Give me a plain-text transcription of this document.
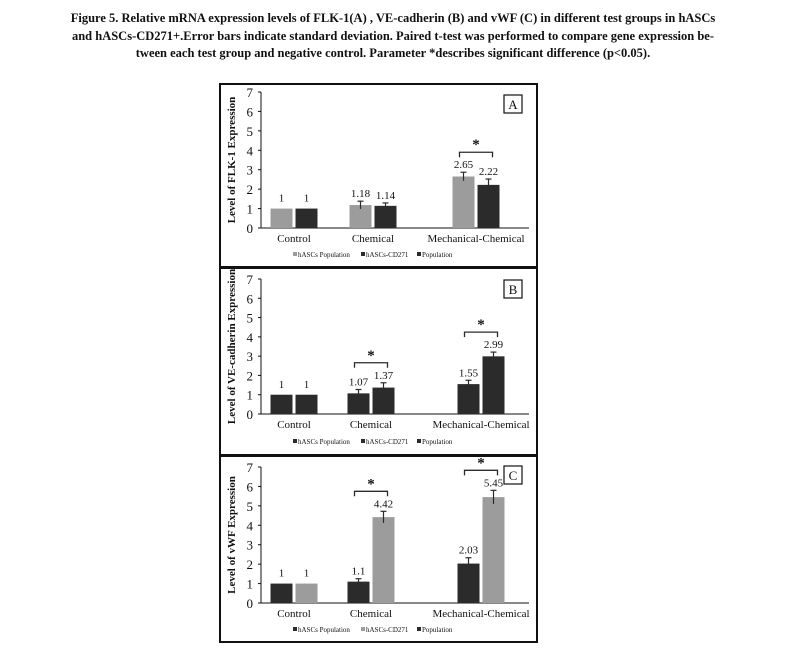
Figure 5. Relative mRNA expression levels of FLK-1(A) , VE-cadherin (B) and vWF (C) in different test groups in hASCs
and hASCs-CD271+.Error bars indicate standard deviation. Paired t-test was performed to compare gene expression be-
tween each test group and negative control. Parameter *describes significant difference (p<0.05).
0
1
2
3
4
5
6
7
Level of FLK-1 Expression	1 1
Control
1.18 1.14
Chemical
2.65
2.22
Mechanical-Chemical
*
A
hASCs Population hASCs-CD271 Population
0
1
2
3
4
5
6
7
Level of VE-cadherin Expression	1 1
Control
1.07
1.37
Chemical
1.55
2.99
Mechanical-Chemical
*
*
B
hASCs Population hASCs-CD271 Population
0
1
2
3
4
5
6
7
Level of vWF Expression	1 1
Control
1.1
4.42
Chemical
2.03
5.45
Mechanical-Chemical
*
*
C
hASCs Population hASCs-CD271 Population
